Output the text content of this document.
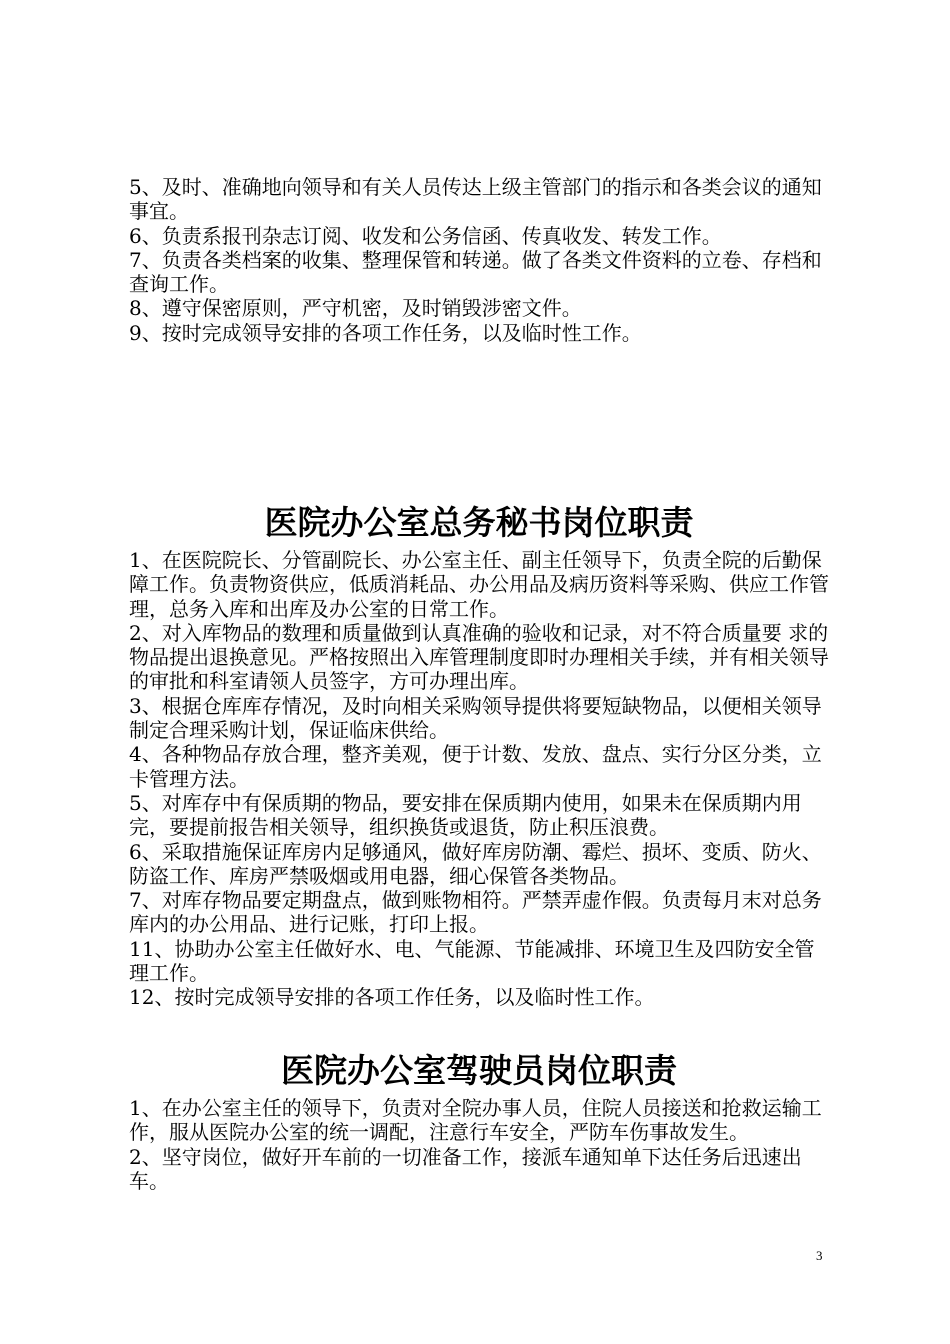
5、及时、准确地向领导和有关人员传达上级主管部门的指示和各类会议的通知事宜。

6、负责系报刊杂志订阅、收发和公务信函、传真收发、转发工作。

7、负责各类档案的收集、整理保管和转递。做了各类文件资料的立卷、存档和查询工作。

8、遵守保密原则，严守机密，及时销毁涉密文件。

9、按时完成领导安排的各项工作任务，以及临时性工作。

医院办公室总务秘书岗位职责

1、在医院院长、分管副院长、办公室主任、副主任领导下，负责全院的后勤保障工作。负责物资供应，低质消耗品、办公用品及病历资料等采购、供应工作管理，总务入库和出库及办公室的日常工作。

2、对入库物品的数理和质量做到认真准确的验收和记录，对不符合质量要 求的物品提出退换意见。严格按照出入库管理制度即时办理相关手续，并有相关领导的审批和科室请领人员签字，方可办理出库。

3、根据仓库库存情况，及时向相关采购领导提供将要短缺物品，以便相关领导制定合理采购计划，保证临床供给。

4、各种物品存放合理，整齐美观，便于计数、发放、盘点、实行分区分类，立卡管理方法。

5、对库存中有保质期的物品，要安排在保质期内使用，如果未在保质期内用完，要提前报告相关领导，组织换货或退货，防止积压浪费。

6、采取措施保证库房内足够通风，做好库房防潮、霉烂、损坏、变质、防火、防盗工作、库房严禁吸烟或用电器，细心保管各类物品。

7、对库存物品要定期盘点，做到账物相符。严禁弄虚作假。负责每月末对总务库内的办公用品、进行记账，打印上报。

11、协助办公室主任做好水、电、气能源、节能减排、环境卫生及四防安全管理工作。

12、按时完成领导安排的各项工作任务，以及临时性工作。

医院办公室驾驶员岗位职责

1、在办公室主任的领导下，负责对全院办事人员，住院人员接送和抢救运输工作，服从医院办公室的统一调配，注意行车安全，严防车伤事故发生。

2、坚守岗位，做好开车前的一切准备工作，接派车通知单下达任务后迅速出车。

3
